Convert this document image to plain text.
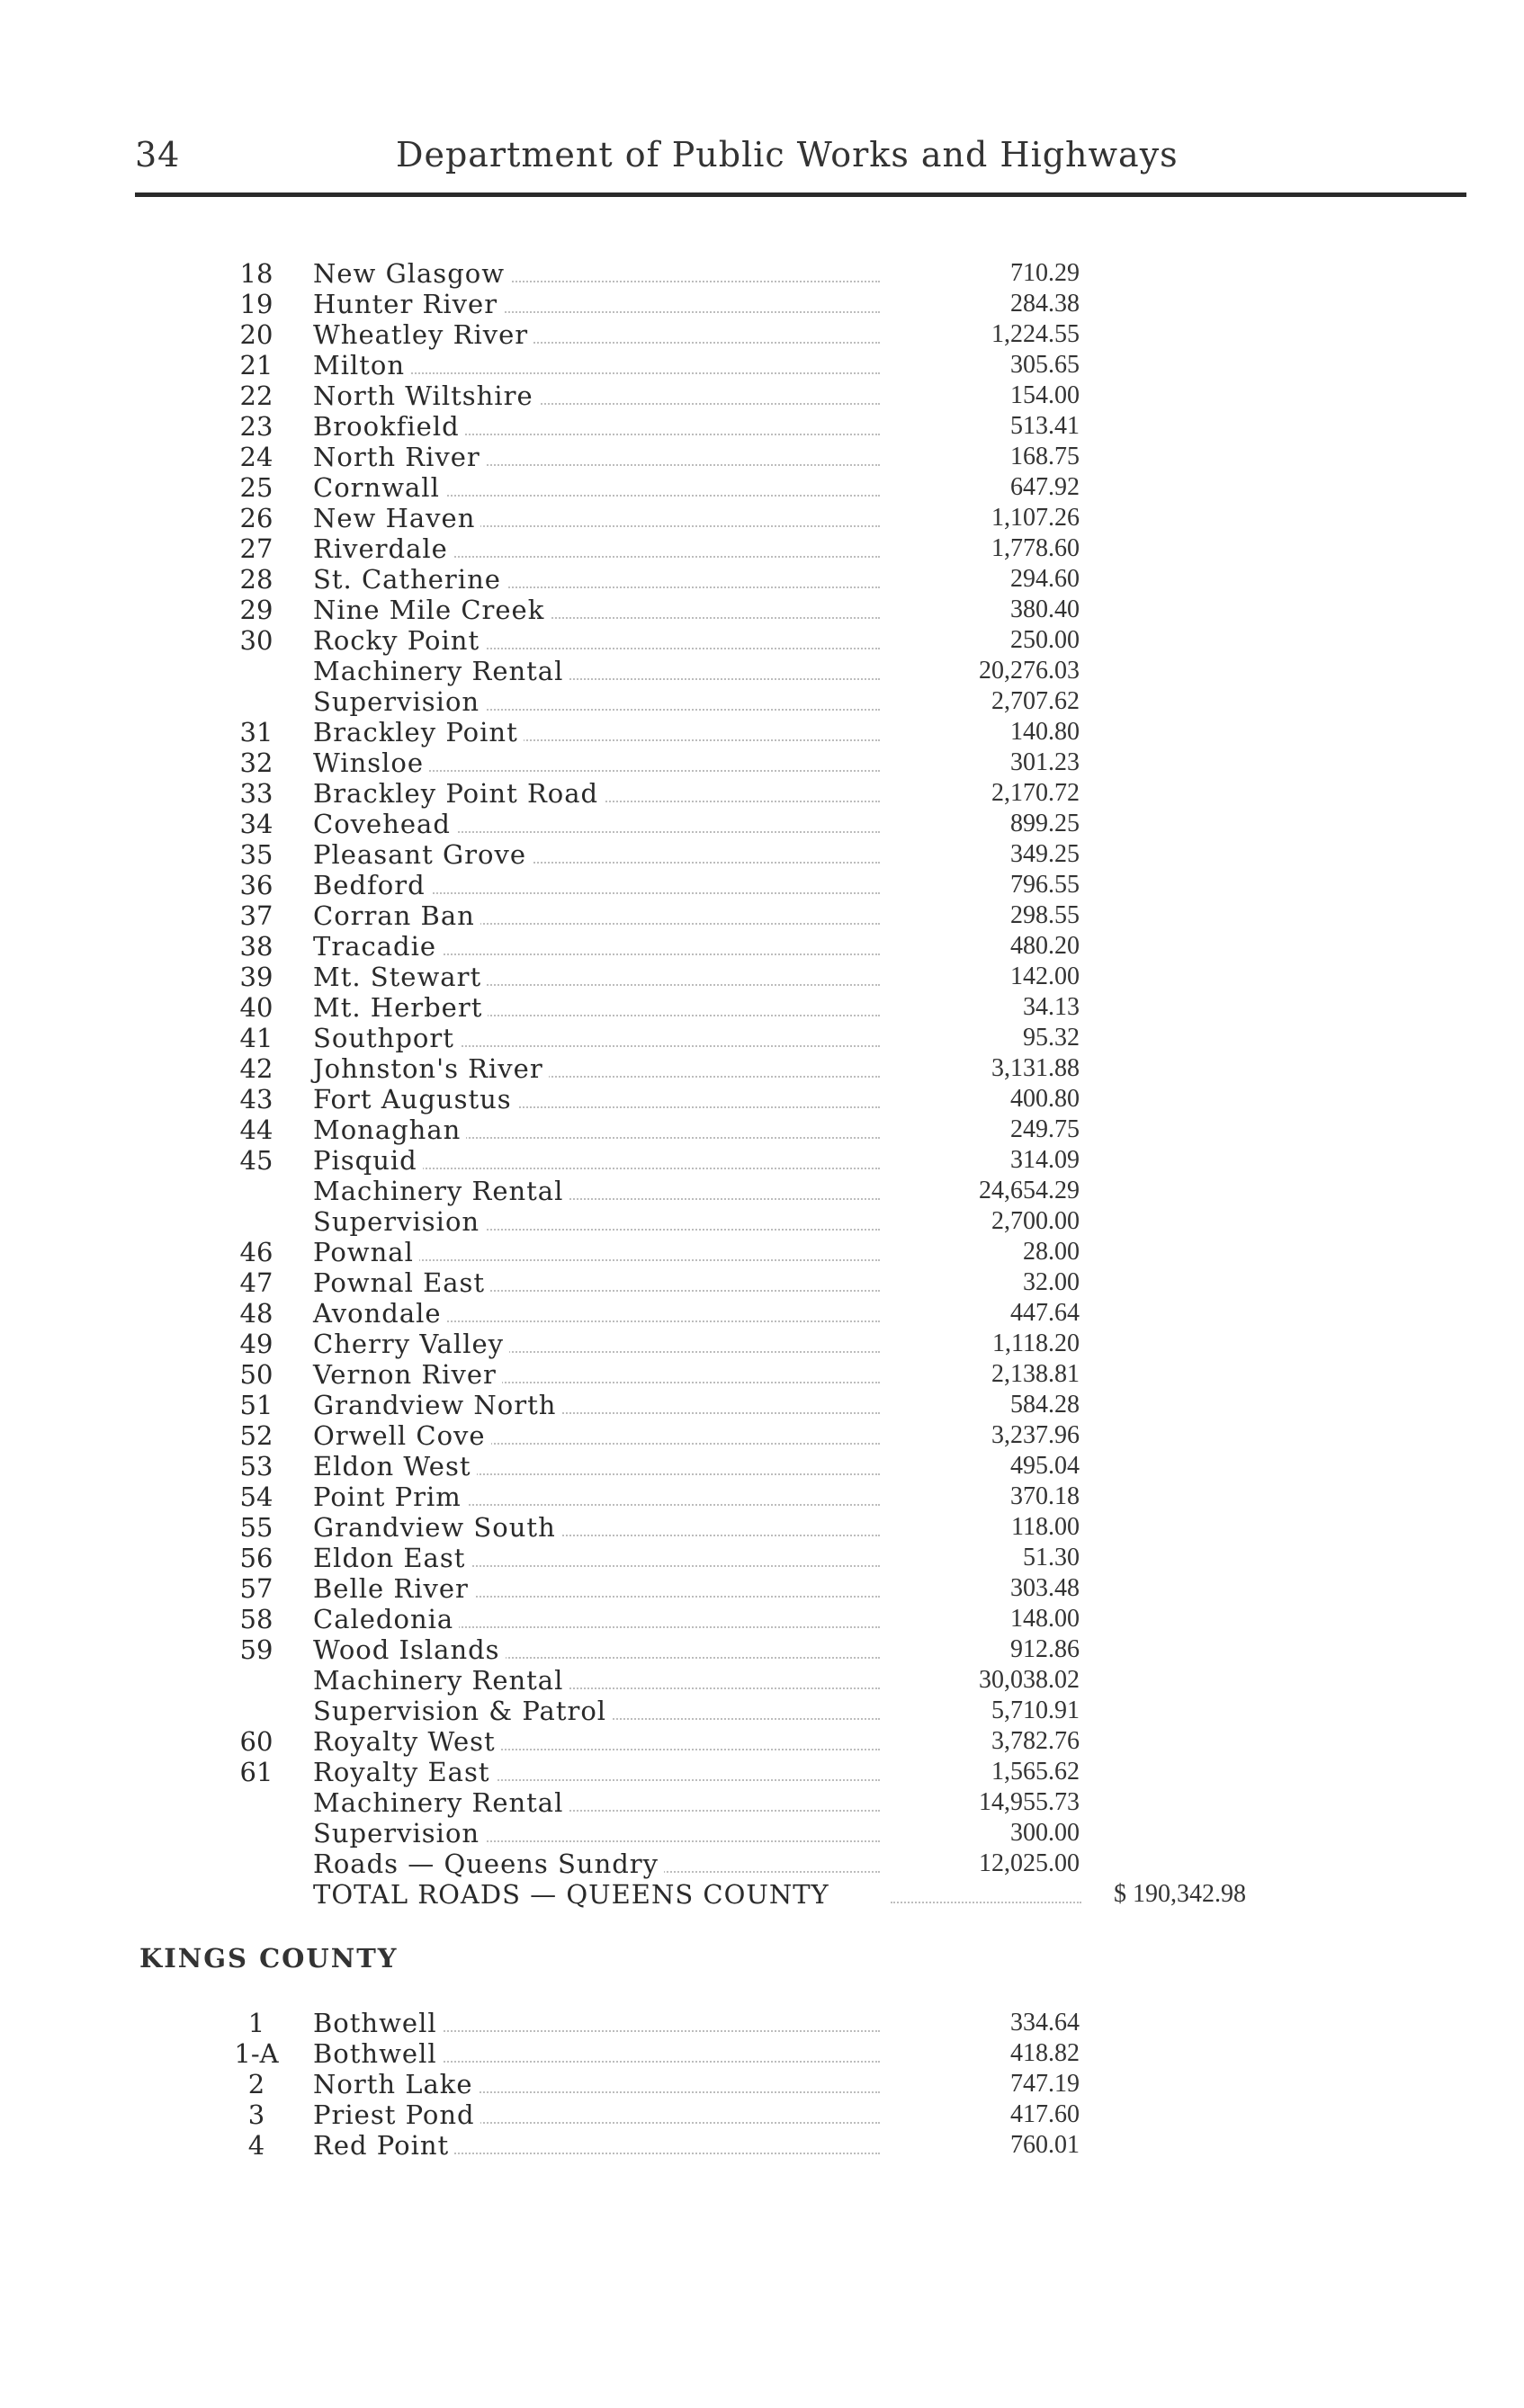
34	Department of Public Works and Highways
18	New Glasgow	710.29
19	Hunter River	284.38
20	Wheatley River	1,224.55
21	Milton	305.65
22	North Wiltshire	154.00
23	Brookfield	513.41
24	North River	168.75
25	Cornwall	647.92
26	New Haven	1,107.26
27	Riverdale	1,778.60
28	St. Catherine	294.60
29	Nine Mile Creek	380.40
30	Rocky Point	250.00
Machinery Rental	20,276.03
Supervision	2,707.62
31	Brackley Point	140.80
32	Winsloe	301.23
33	Brackley Point Road	2,170.72
34	Covehead	899.25
35	Pleasant Grove	349.25
36	Bedford	796.55
37	Corran Ban	298.55
38	Tracadie	480.20
39	Mt. Stewart	142.00
40	Mt. Herbert	34.13
41	Southport	95.32
42	Johnston's River	3,131.88
43	Fort Augustus	400.80
44	Monaghan	249.75
45	Pisquid	314.09
Machinery Rental	24,654.29
Supervision	2,700.00
46	Pownal	28.00
47	Pownal East	32.00
48	Avondale	447.64
49	Cherry Valley	1,118.20
50	Vernon River	2,138.81
51	Grandview North	584.28
52	Orwell Cove	3,237.96
53	Eldon West	495.04
54	Point Prim	370.18
55	Grandview South	118.00
56	Eldon East	51.30
57	Belle River	303.48
58	Caledonia	148.00
59	Wood Islands	912.86
Machinery Rental	30,038.02
Supervision & Patrol	5,710.91
60	Royalty West	3,782.76
61	Royalty East	1,565.62
Machinery Rental	14,955.73
Supervision	300.00
Roads — Queens Sundry	12,025.00
TOTAL ROADS — QUEENS COUNTY	$ 190,342.98
KINGS COUNTY
1	Bothwell	334.64
1-A	Bothwell	418.82
2	North Lake	747.19
3	Priest Pond	417.60
4	Red Point	760.01
